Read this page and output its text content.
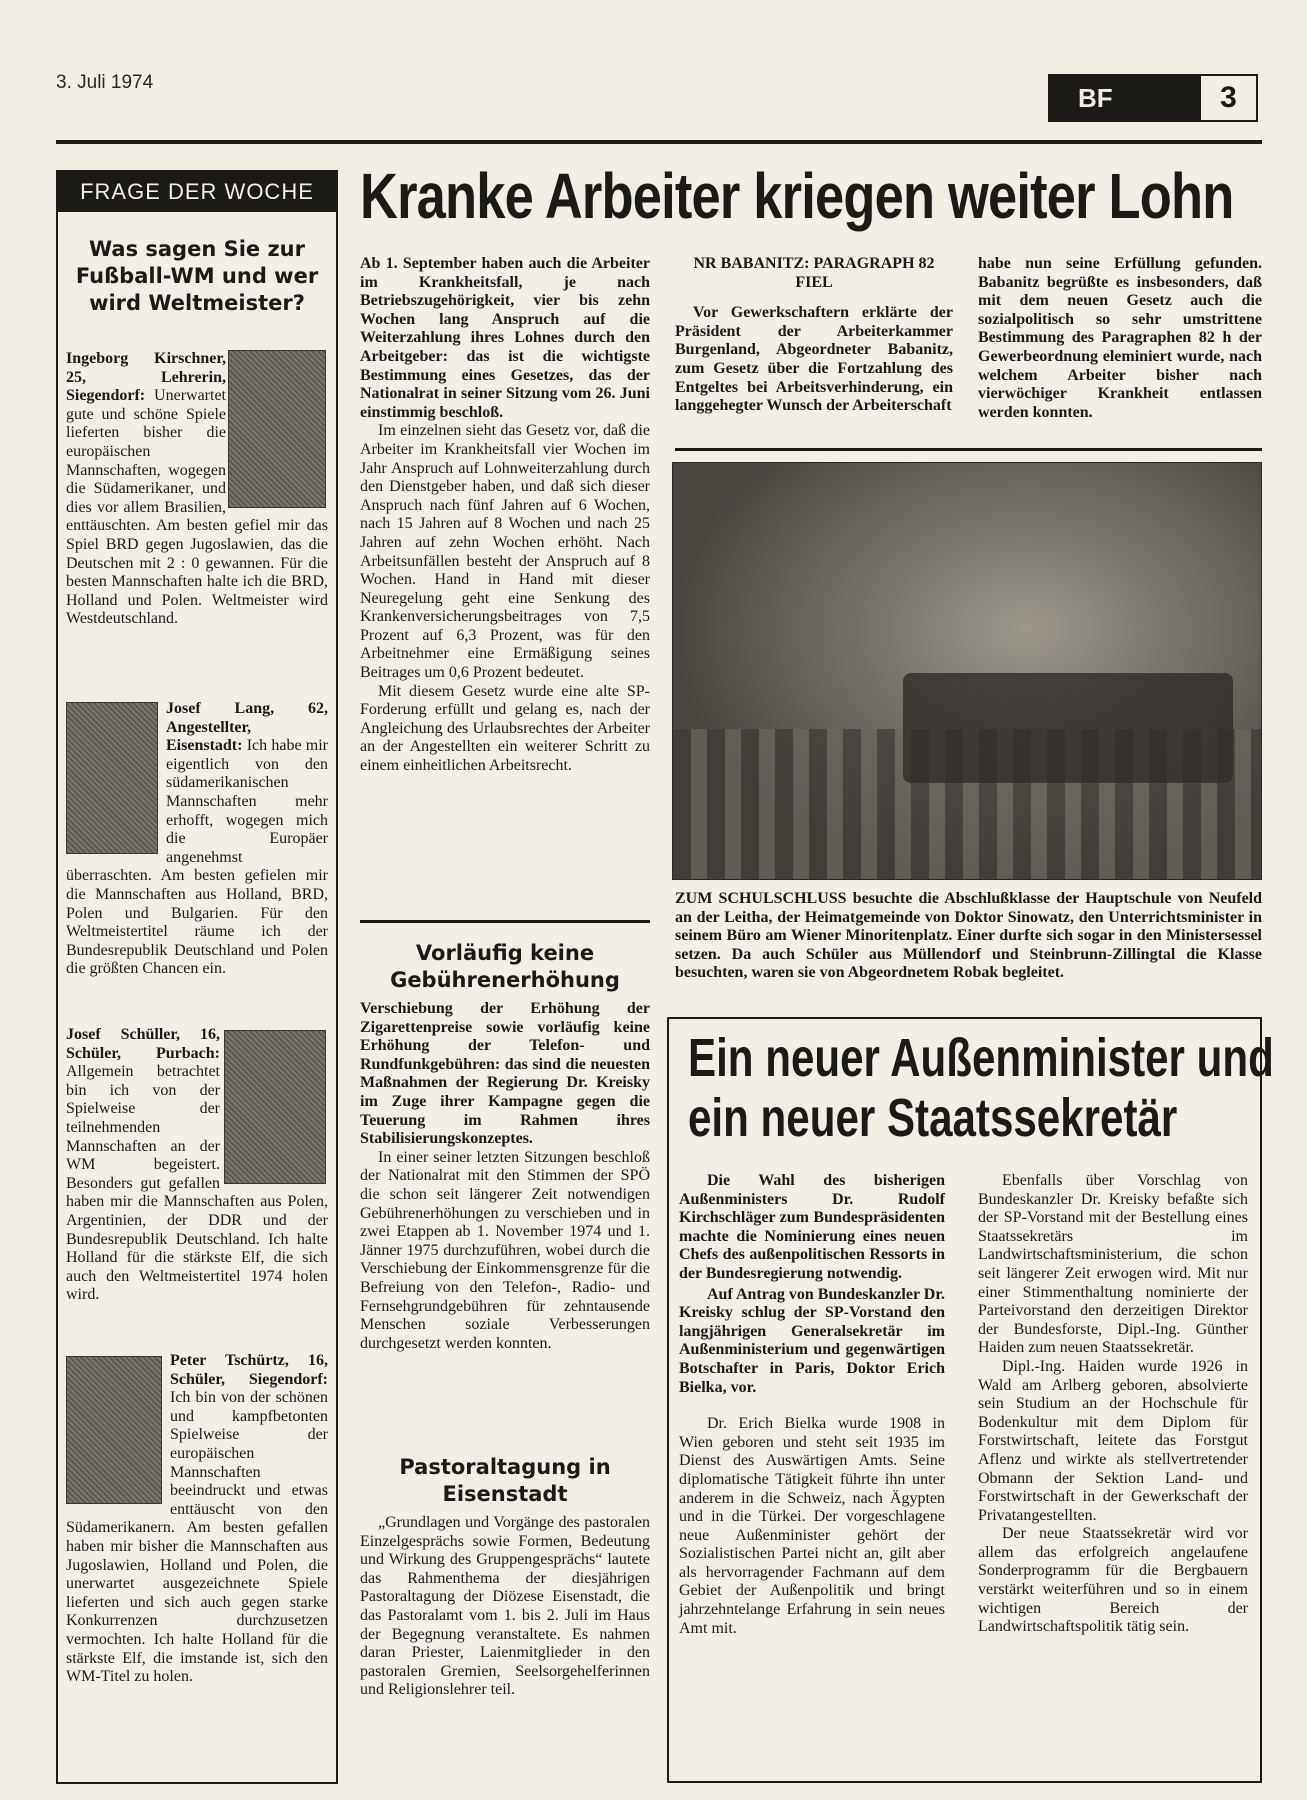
3. Juli 1974
BF	3
FRAGE DER WOCHE
Was sagen Sie zur Fußball-WM und wer wird Weltmeister?
Ingeborg Kirschner, 25, Lehrerin, Siegendorf: Unerwartet gute und schöne Spiele lieferten bisher die europäischen Mannschaften, wogegen die Südamerikaner, und dies vor allem Brasilien, enttäuschten. Am besten gefiel mir das Spiel BRD gegen Jugoslawien, das die Deutschen mit 2 : 0 gewannen. Für die besten Mannschaften halte ich die BRD, Holland und Polen. Weltmeister wird Westdeutschland.
Josef Lang, 62, Angestellter, Eisenstadt: Ich habe mir eigentlich von den südamerikanischen Mannschaften mehr erhofft, wogegen mich die Europäer angenehmst überraschten. Am besten gefielen mir die Mannschaften aus Holland, BRD, Polen und Bulgarien. Für den Weltmeistertitel räume ich der Bundesrepublik Deutschland und Polen die größten Chancen ein.
Josef Schüller, 16, Schüler, Purbach: Allgemein betrachtet bin ich von der Spielweise der teilnehmenden Mannschaften an der WM begeistert. Besonders gut gefallen haben mir die Mannschaften aus Polen, Argentinien, der DDR und der Bundesrepublik Deutschland. Ich halte Holland für die stärkste Elf, die sich auch den Weltmeistertitel 1974 holen wird.
Peter Tschürtz, 16, Schüler, Siegendorf: Ich bin von der schönen und kampfbetonten Spielweise der europäischen Mannschaften beeindruckt und etwas enttäuscht von den Südamerikanern. Am besten gefallen haben mir bisher die Mannschaften aus Jugoslawien, Holland und Polen, die unerwartet ausgezeichnete Spiele lieferten und sich auch gegen starke Konkurrenzen durchzusetzen vermochten. Ich halte Holland für die stärkste Elf, die imstande ist, sich den WM-Titel zu holen.
Kranke Arbeiter kriegen weiter Lohn

Ab 1. September haben auch die Arbeiter im Krankheitsfall, je nach Betriebszugehörigkeit, vier bis zehn Wochen lang Anspruch auf die Weiterzahlung ihres Lohnes durch den Arbeitgeber: das ist die wichtigste Bestimmung eines Gesetzes, das der Nationalrat in seiner Sitzung vom 26. Juni einstimmig beschloß.

Im einzelnen sieht das Gesetz vor, daß die Arbeiter im Krankheitsfall vier Wochen im Jahr Anspruch auf Lohnweiterzahlung durch den Dienstgeber haben, und daß sich dieser Anspruch nach fünf Jahren auf 6 Wochen, nach 15 Jahren auf 8 Wochen und nach 25 Jahren auf zehn Wochen erhöht. Nach Arbeitsunfällen besteht der Anspruch auf 8 Wochen. Hand in Hand mit dieser Neuregelung geht eine Senkung des Krankenversicherungsbeitrages von 7,5 Prozent auf 6,3 Prozent, was für den Arbeitnehmer eine Ermäßigung seines Beitrages um 0,6 Prozent bedeutet.

Mit diesem Gesetz wurde eine alte SP-Forderung erfüllt und gelang es, nach der Angleichung des Urlaubsrechtes der Arbeiter an der Angestellten ein weiterer Schritt zu einem einheitlichen Arbeitsrecht.

NR BABANITZ: PARAGRAPH 82 FIEL

Vor Gewerkschaftern erklärte der Präsident der Arbeiterkammer Burgenland, Abgeordneter Babanitz, zum Gesetz über die Fortzahlung des Entgeltes bei Arbeitsverhinderung, ein langgehegter Wunsch der Arbeiterschaft

habe nun seine Erfüllung gefunden. Babanitz begrüßte es insbesonders, daß mit dem neuen Gesetz auch die sozialpolitisch so sehr umstrittene Bestimmung des Paragraphen 82 h der Gewerbeordnung eleminiert wurde, nach welchem Arbeiter bisher nach vierwöchiger Krankheit entlassen werden konnten.
ZUM SCHULSCHLUSS besuchte die Abschlußklasse der Hauptschule von Neufeld an der Leitha, der Heimatgemeinde von Doktor Sinowatz, den Unterrichtsminister in seinem Büro am Wiener Minoritenplatz. Einer durfte sich sogar in den Ministersessel setzen. Da auch Schüler aus Müllendorf und Steinbrunn-Zillingtal die Klasse besuchten, waren sie von Abgeordnetem Robak begleitet.
Vorläufig keine Gebührenerhöhung

Verschiebung der Erhöhung der Zigarettenpreise sowie vorläufig keine Erhöhung der Telefon- und Rundfunkgebühren: das sind die neuesten Maßnahmen der Regierung Dr. Kreisky im Zuge ihrer Kampagne gegen die Teuerung im Rahmen ihres Stabilisierungskonzeptes.

In einer seiner letzten Sitzungen beschloß der Nationalrat mit den Stimmen der SPÖ die schon seit längerer Zeit notwendigen Gebührenerhöhungen zu verschieben und in zwei Etappen ab 1. November 1974 und 1. Jänner 1975 durchzuführen, wobei durch die Verschiebung der Einkommensgrenze für die Befreiung von den Telefon-, Radio- und Fernsehgrundgebühren für zehntausende Menschen soziale Verbesserungen durchgesetzt werden konnten.

Pastoraltagung in Eisenstadt
„Grundlagen und Vorgänge des pastoralen Einzelgesprächs sowie Formen, Bedeutung und Wirkung des Gruppengesprächs“ lautete das Rahmenthema der diesjährigen Pastoraltagung der Diözese Eisenstadt, die das Pastoralamt vom 1. bis 2. Juli im Haus der Begegnung veranstaltete. Es nahmen daran Priester, Laienmitglieder in den pastoralen Gremien, Seelsorgehelferinnen und Religionslehrer teil.
Ein neuer Außenminister und
ein neuer Staatssekretär

Die Wahl des bisherigen Außenministers Dr. Rudolf Kirchschläger zum Bundespräsidenten machte die Nominierung eines neuen Chefs des außenpolitischen Ressorts in der Bundesregierung notwendig.

Auf Antrag von Bundeskanzler Dr. Kreisky schlug der SP-Vorstand den langjährigen Generalsekretär im Außenministerium und gegenwärtigen Botschafter in Paris, Doktor Erich Bielka, vor.

Dr. Erich Bielka wurde 1908 in Wien geboren und steht seit 1935 im Dienst des Auswärtigen Amts. Seine diplomatische Tätigkeit führte ihn unter anderem in die Schweiz, nach Ägypten und in die Türkei. Der vorgeschlagene neue Außenminister gehört der Sozialistischen Partei nicht an, gilt aber als hervorragender Fachmann auf dem Gebiet der Außenpolitik und bringt jahrzehntelange Erfahrung in sein neues Amt mit.

Ebenfalls über Vorschlag von Bundeskanzler Dr. Kreisky befaßte sich der SP-Vorstand mit der Bestellung eines Staatssekretärs im Landwirtschaftsministerium, die schon seit längerer Zeit erwogen wird. Mit nur einer Stimmenthaltung nominierte der Parteivorstand den derzeitigen Direktor der Bundesforste, Dipl.-Ing. Günther Haiden zum neuen Staatssekretär.

Dipl.-Ing. Haiden wurde 1926 in Wald am Arlberg geboren, absolvierte sein Studium an der Hochschule für Bodenkultur mit dem Diplom für Forstwirtschaft, leitete das Forstgut Aflenz und wirkte als stellvertretender Obmann der Sektion Land- und Forstwirtschaft in der Gewerkschaft der Privatangestellten.

Der neue Staatssekretär wird vor allem das erfolgreich angelaufene Sonderprogramm für die Bergbauern verstärkt weiterführen und so in einem wichtigen Bereich der Landwirtschaftspolitik tätig sein.
